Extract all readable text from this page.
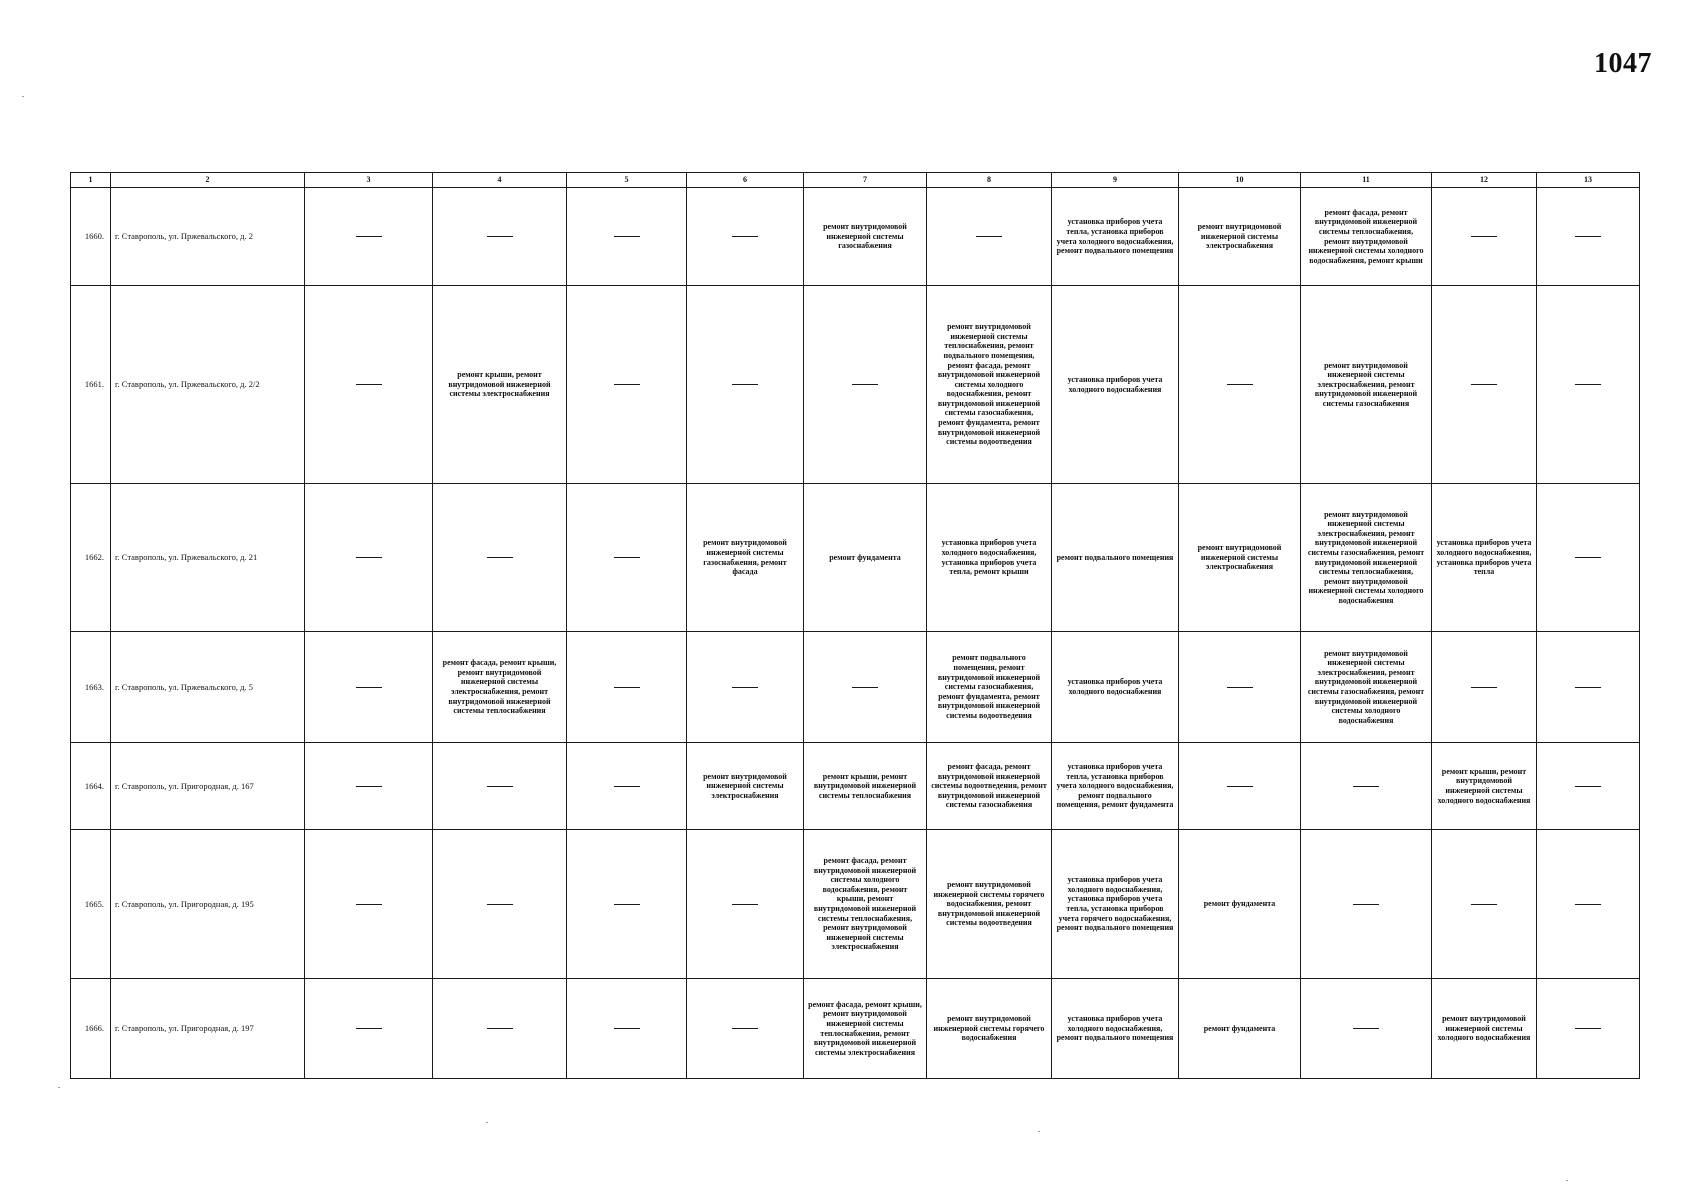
1047
1	2	3	4	5	6	7	8	9	10	11	12	13
1660.	г. Ставрополь, ул. Пржевальского, д. 2					ремонт внутридомовой инженерной системы газоснабжения		установка приборов учета тепла, установка приборов учета холодного водоснабжения, ремонт подвального помещения	ремонт внутридомовой инженерной системы электроснабжения	ремонт фасада, ремонт внутридомовой инженерной системы теплоснабжения, ремонт внутридомовой инженерной системы холодного водоснабжения, ремонт крыши		
1661.	г. Ставрополь, ул. Пржевальского, д. 2/2		ремонт крыши, ремонт внутридомовой инженерной системы электроснабжения				ремонт внутридомовой инженерной системы теплоснабжения, ремонт подвального помещения, ремонт фасада, ремонт внутридомовой инженерной системы холодного водоснабжения, ремонт внутридомовой инженерной системы газоснабжения, ремонт фундамента, ремонт внутридомовой инженерной системы водоотведения	установка приборов учета холодного водоснабжения		ремонт внутридомовой инженерной системы электроснабжения, ремонт внутридомовой инженерной системы газоснабжения		
1662.	г. Ставрополь, ул. Пржевальского, д. 21				ремонт внутридомовой инженерной системы газоснабжения, ремонт фасада	ремонт фундамента	установка приборов учета холодного водоснабжения, установка приборов учета тепла, ремонт крыши	ремонт подвального помещения	ремонт внутридомовой инженерной системы электроснабжения	ремонт внутридомовой инженерной системы электроснабжения, ремонт внутридомовой инженерной системы газоснабжения, ремонт внутридомовой инженерной системы теплоснабжения, ремонт внутридомовой инженерной системы холодного водоснабжения	установка приборов учета холодного водоснабжения, установка приборов учета тепла	
1663.	г. Ставрополь, ул. Пржевальского, д. 5		ремонт фасада, ремонт крыши, ремонт внутридомовой инженерной системы электроснабжения, ремонт внутридомовой инженерной системы теплоснабжения				ремонт подвального помещения, ремонт внутридомовой инженерной системы газоснабжения, ремонт фундамента, ремонт внутридомовой инженерной системы водоотведения	установка приборов учета холодного водоснабжения		ремонт внутридомовой инженерной системы электроснабжения, ремонт внутридомовой инженерной системы газоснабжения, ремонт внутридомовой инженерной системы холодного водоснабжения		
1664.	г. Ставрополь, ул. Пригородная, д. 167				ремонт внутридомовой инженерной системы электроснабжения	ремонт крыши, ремонт внутридомовой инженерной системы теплоснабжения	ремонт фасада, ремонт внутридомовой инженерной системы водоотведения, ремонт внутридомовой инженерной системы газоснабжения	установка приборов учета тепла, установка приборов учета холодного водоснабжения, ремонт подвального помещения, ремонт фундамента			ремонт крыши, ремонт внутридомовой инженерной системы холодного водоснабжения	
1665.	г. Ставрополь, ул. Пригородная, д. 195					ремонт фасада, ремонт внутридомовой инженерной системы холодного водоснабжения, ремонт крыши, ремонт внутридомовой инженерной системы теплоснабжения, ремонт внутридомовой инженерной системы электроснабжения	ремонт внутридомовой инженерной системы горячего водоснабжения, ремонт внутридомовой инженерной системы водоотведения	установка приборов учета холодного водоснабжения, установка приборов учета тепла, установка приборов учета горячего водоснабжения, ремонт подвального помещения	ремонт фундамента			
1666.	г. Ставрополь, ул. Пригородная, д. 197					ремонт фасада, ремонт крыши, ремонт внутридомовой инженерной системы теплоснабжения, ремонт внутридомовой инженерной системы электроснабжения	ремонт внутридомовой инженерной системы горячего водоснабжения	установка приборов учета холодного водоснабжения, ремонт подвального помещения	ремонт фундамента		ремонт внутридомовой инженерной системы холодного водоснабжения	
